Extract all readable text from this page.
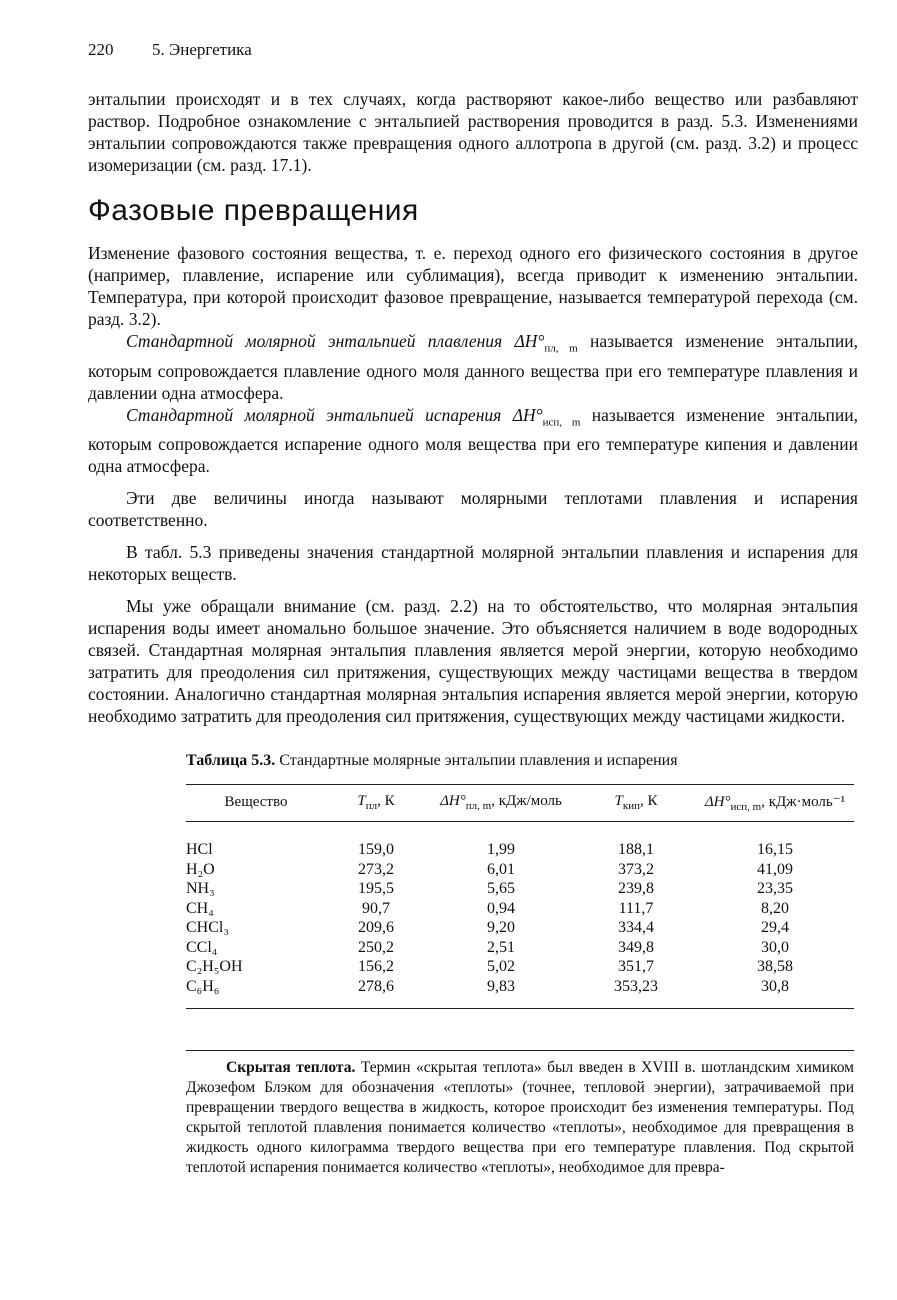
220 5. Энергетика

энтальпии происходят и в тех случаях, когда растворяют какое-либо вещество или разбавляют раствор. Подробное ознакомление с энтальпией растворения проводится в разд. 5.3. Изменениями энтальпии сопровождаются также превращения одного аллотропа в другой (см. разд. 3.2) и процесс изомеризации (см. разд. 17.1).

Фазовые превращения

Изменение фазового состояния вещества, т. е. переход одного его физического состояния в другое (например, плавление, испарение или сублимация), всегда приводит к изменению энтальпии. Температура, при которой происходит фазовое превращение, называется температурой перехода (см. разд. 3.2).

Стандартной молярной энтальпией плавления $\Delta H^\circ_{пл, m}$ называется изменение энтальпии, которым сопровождается плавление одного моля данного вещества при его температуре плавления и давлении одна атмосфера.

Стандартной молярной энтальпией испарения $\Delta H^\circ_{исп, m}$ называется изменение энтальпии, которым сопровождается испарение одного моля вещества при его температуре кипения и давлении одна атмосфера.

Эти две величины иногда называют молярными теплотами плавления и испарения соответственно.

В табл. 5.3 приведены значения стандартной молярной энтальпии плавления и испарения для некоторых веществ.

Мы уже обращали внимание (см. разд. 2.2) на то обстоятельство, что молярная энтальпия испарения воды имеет аномально большое значение. Это объясняется наличием в воде водородных связей. Стандартная молярная энтальпия плавления является мерой энергии, которую необходимо затратить для преодоления сил притяжения, существующих между частицами вещества в твердом состоянии. Аналогично стандартная молярная энтальпия испарения является мерой энергии, которую необходимо затратить для преодоления сил притяжения, существующих между частицами жидкости.

Таблица 5.3. Стандартные молярные энтальпии плавления и испарения
Вещество	$T_{пл}$, К	$\Delta H^\circ_{пл, m}$, кДж/моль	$T_{кип}$, К	$\Delta H^\circ_{исп, m}$, кДж·моль⁻¹
HCl	159,0	1,99	188,1	16,15
H₂O	273,2	6,01	373,2	41,09
NH₃	195,5	5,65	239,8	23,35
CH₄	90,7	0,94	111,7	8,20
CHCl₃	209,6	9,20	334,4	29,4
CCl₄	250,2	2,51	349,8	30,0
C₂H₅OH	156,2	5,02	351,7	38,58
C₆H₆	278,6	9,83	353,23	30,8
Скрытая теплота. Термин «скрытая теплота» был введен в XVIII в. шотландским химиком Джозефом Блэком для обозначения «теплоты» (точнее, тепловой энергии), затрачиваемой при превращении твердого вещества в жидкость, которое происходит без изменения температуры. Под скрытой теплотой плавления понимается количество «теплоты», необходимое для превращения в жидкость одного килограмма твердого вещества при его температуре плавления. Под скрытой теплотой испарения понимается количество «теплоты», необходимое для превра-
